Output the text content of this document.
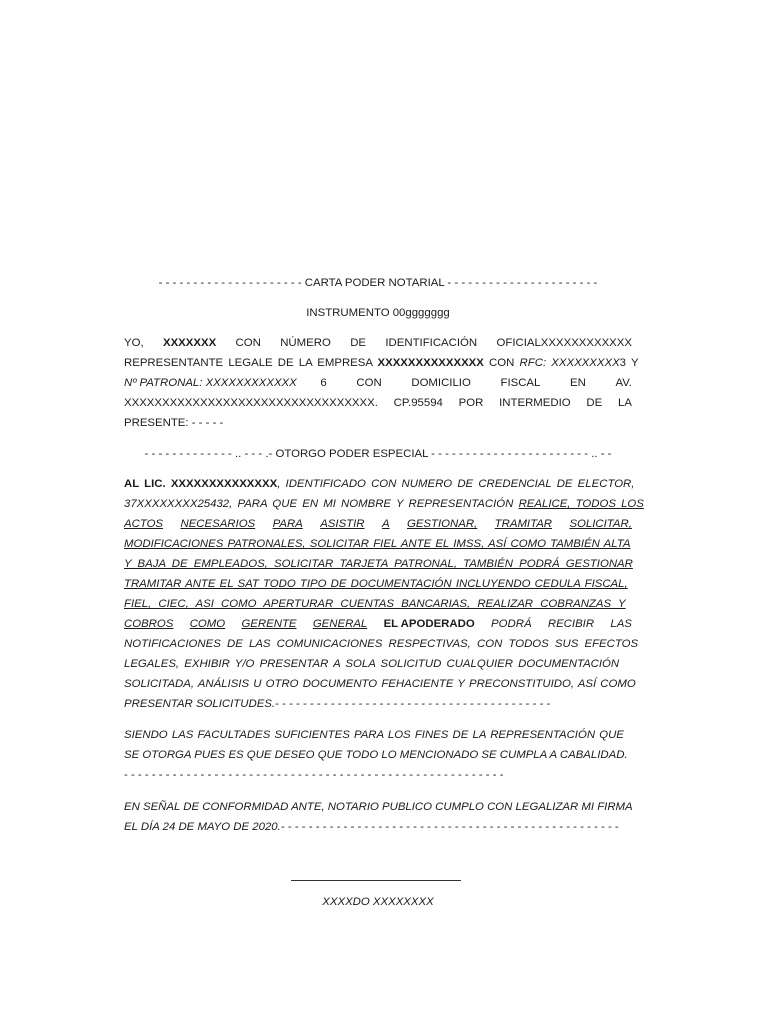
- - - - - - - - - - - - - - - - - - - - - CARTA PODER NOTARIAL - - - - - - - - - - - - - - - - - - - - - -
INSTRUMENTO 00ggggggg
YO, XXXXXXX CON NÚMERO DE IDENTIFICACIÓN OFICIALXXXXXXXXXXXX
REPRESENTANTE LEGALE DE LA EMPRESA XXXXXXXXXXXXXX CON RFC: XXXXXXXXX3 Y
Nº PATRONAL: XXXXXXXXXXXX 6	CON	DOMICILIO	FISCAL	EN	AV.
XXXXXXXXXXXXXXXXXXXXXXXXXXXXXXXXX. CP.95594 POR INTERMEDIO DE LA
PRESENTE: - - - - -
- - - - - - - - - - - - - .. - - - .- OTORGO PODER ESPECIAL - - - - - - - - - - - - - - - - - - - - - - - .. - -
AL LIC. XXXXXXXXXXXXXX, IDENTIFICADO CON NUMERO DE CREDENCIAL DE ELECTOR,
37XXXXXXXX25432, PARA QUE EN MI NOMBRE Y REPRESENTACIÓN REALICE, TODOS LOS
ACTOS NECESARIOS PARA ASISTIR A GESTIONAR, TRAMITAR SOLICITAR,
MODIFICACIONES PATRONALES, SOLICITAR FIEL ANTE EL IMSS, ASÍ COMO TAMBIÉN ALTA
Y BAJA DE EMPLEADOS, SOLICITAR TARJETA PATRONAL, TAMBIÉN PODRÁ GESTIONAR
TRAMITAR ANTE EL SAT TODO TIPO DE DOCUMENTACIÓN INCLUYENDO CEDULA FISCAL,
FIEL, CIEC, ASI COMO APERTURAR CUENTAS BANCARIAS, REALIZAR COBRANZAS Y
COBROS COMO GERENTE GENERAL EL APODERADO PODRÁ RECIBIR LAS
NOTIFICACIONES DE LAS COMUNICACIONES RESPECTIVAS, CON TODOS SUS EFECTOS
LEGALES, EXHIBIR Y/O PRESENTAR A SOLA SOLICITUD CUALQUIER DOCUMENTACIÓN
SOLICITADA, ANÁLISIS U OTRO DOCUMENTO FEHACIENTE Y PRECONSTITUIDO, ASÍ COMO
PRESENTAR SOLICITUDES.- - - - - - - - - - - - - - - - - - - - - - - - - - - - - - - - - - - - - - - -
SIENDO LAS FACULTADES SUFICIENTES PARA LOS FINES DE LA REPRESENTACIÓN QUE
SE OTORGA PUES ES QUE DESEO QUE TODO LO MENCIONADO SE CUMPLA A CABALIDAD.
- - - - - - - - - - - - - - - - - - - - - - - - - - - - - - - - - - - - - - - - - - - - - - - - - - - - - - -
EN SEÑAL DE CONFORMIDAD ANTE, NOTARIO PUBLICO CUMPLO CON LEGALIZAR MI FIRMA
EL DÍA 24 DE MAYO DE 2020.- - - - - - - - - - - - - - - - - - - - - - - - - - - - - - - - - - - - - - - - - - - - - - - - -
XXXXDO XXXXXXXX
